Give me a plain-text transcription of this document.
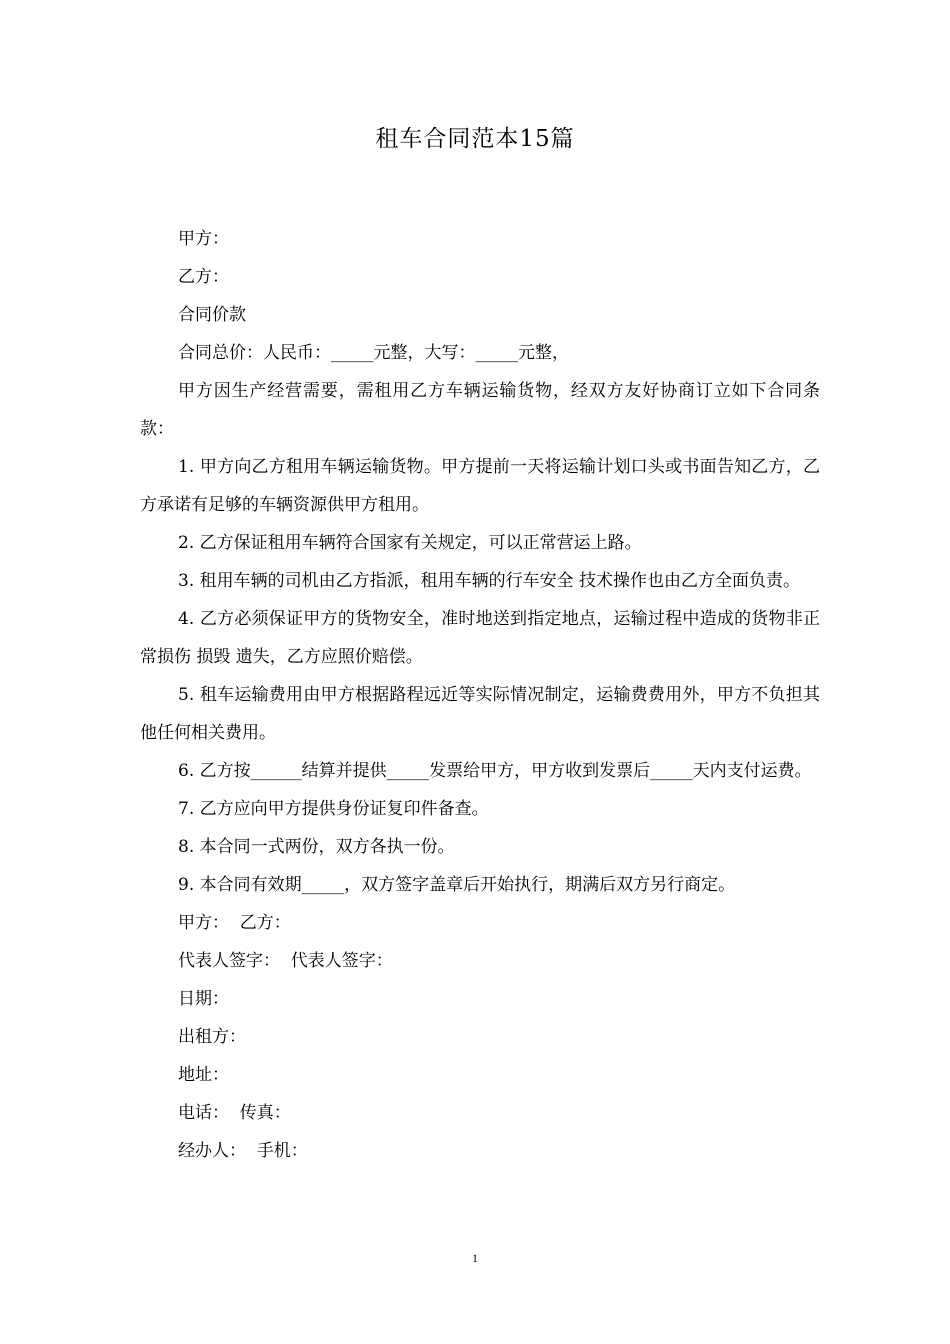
租车合同范本15篇

甲方：

乙方：

合同价款

合同总价：人民币：_____元整，大写：_____元整，

甲方因生产经营需要，需租用乙方车辆运输货物，经双方友好协商订立如下合同条款：

1. 甲方向乙方租用车辆运输货物。甲方提前一天将运输计划口头或书面告知乙方，乙方承诺有足够的车辆资源供甲方租用。

2. 乙方保证租用车辆符合国家有关规定，可以正常营运上路。

3. 租用车辆的司机由乙方指派，租用车辆的行车安全 技术操作也由乙方全面负责。

4. 乙方必须保证甲方的货物安全，准时地送到指定地点，运输过程中造成的货物非正常损伤 损毁 遗失，乙方应照价赔偿。

5. 租车运输费用由甲方根据路程远近等实际情况制定，运输费费用外，甲方不负担其他任何相关费用。

6. 乙方按______结算并提供_____发票给甲方，甲方收到发票后_____天内支付运费。

7. 乙方应向甲方提供身份证复印件备查。

8. 本合同一式两份，双方各执一份。

9. 本合同有效期_____，双方签字盖章后开始执行，期满后双方另行商定。

甲方：  乙方：

代表人签字：  代表人签字：

日期：

出租方：

地址：

电话：  传真：

经办人：  手机：

1
